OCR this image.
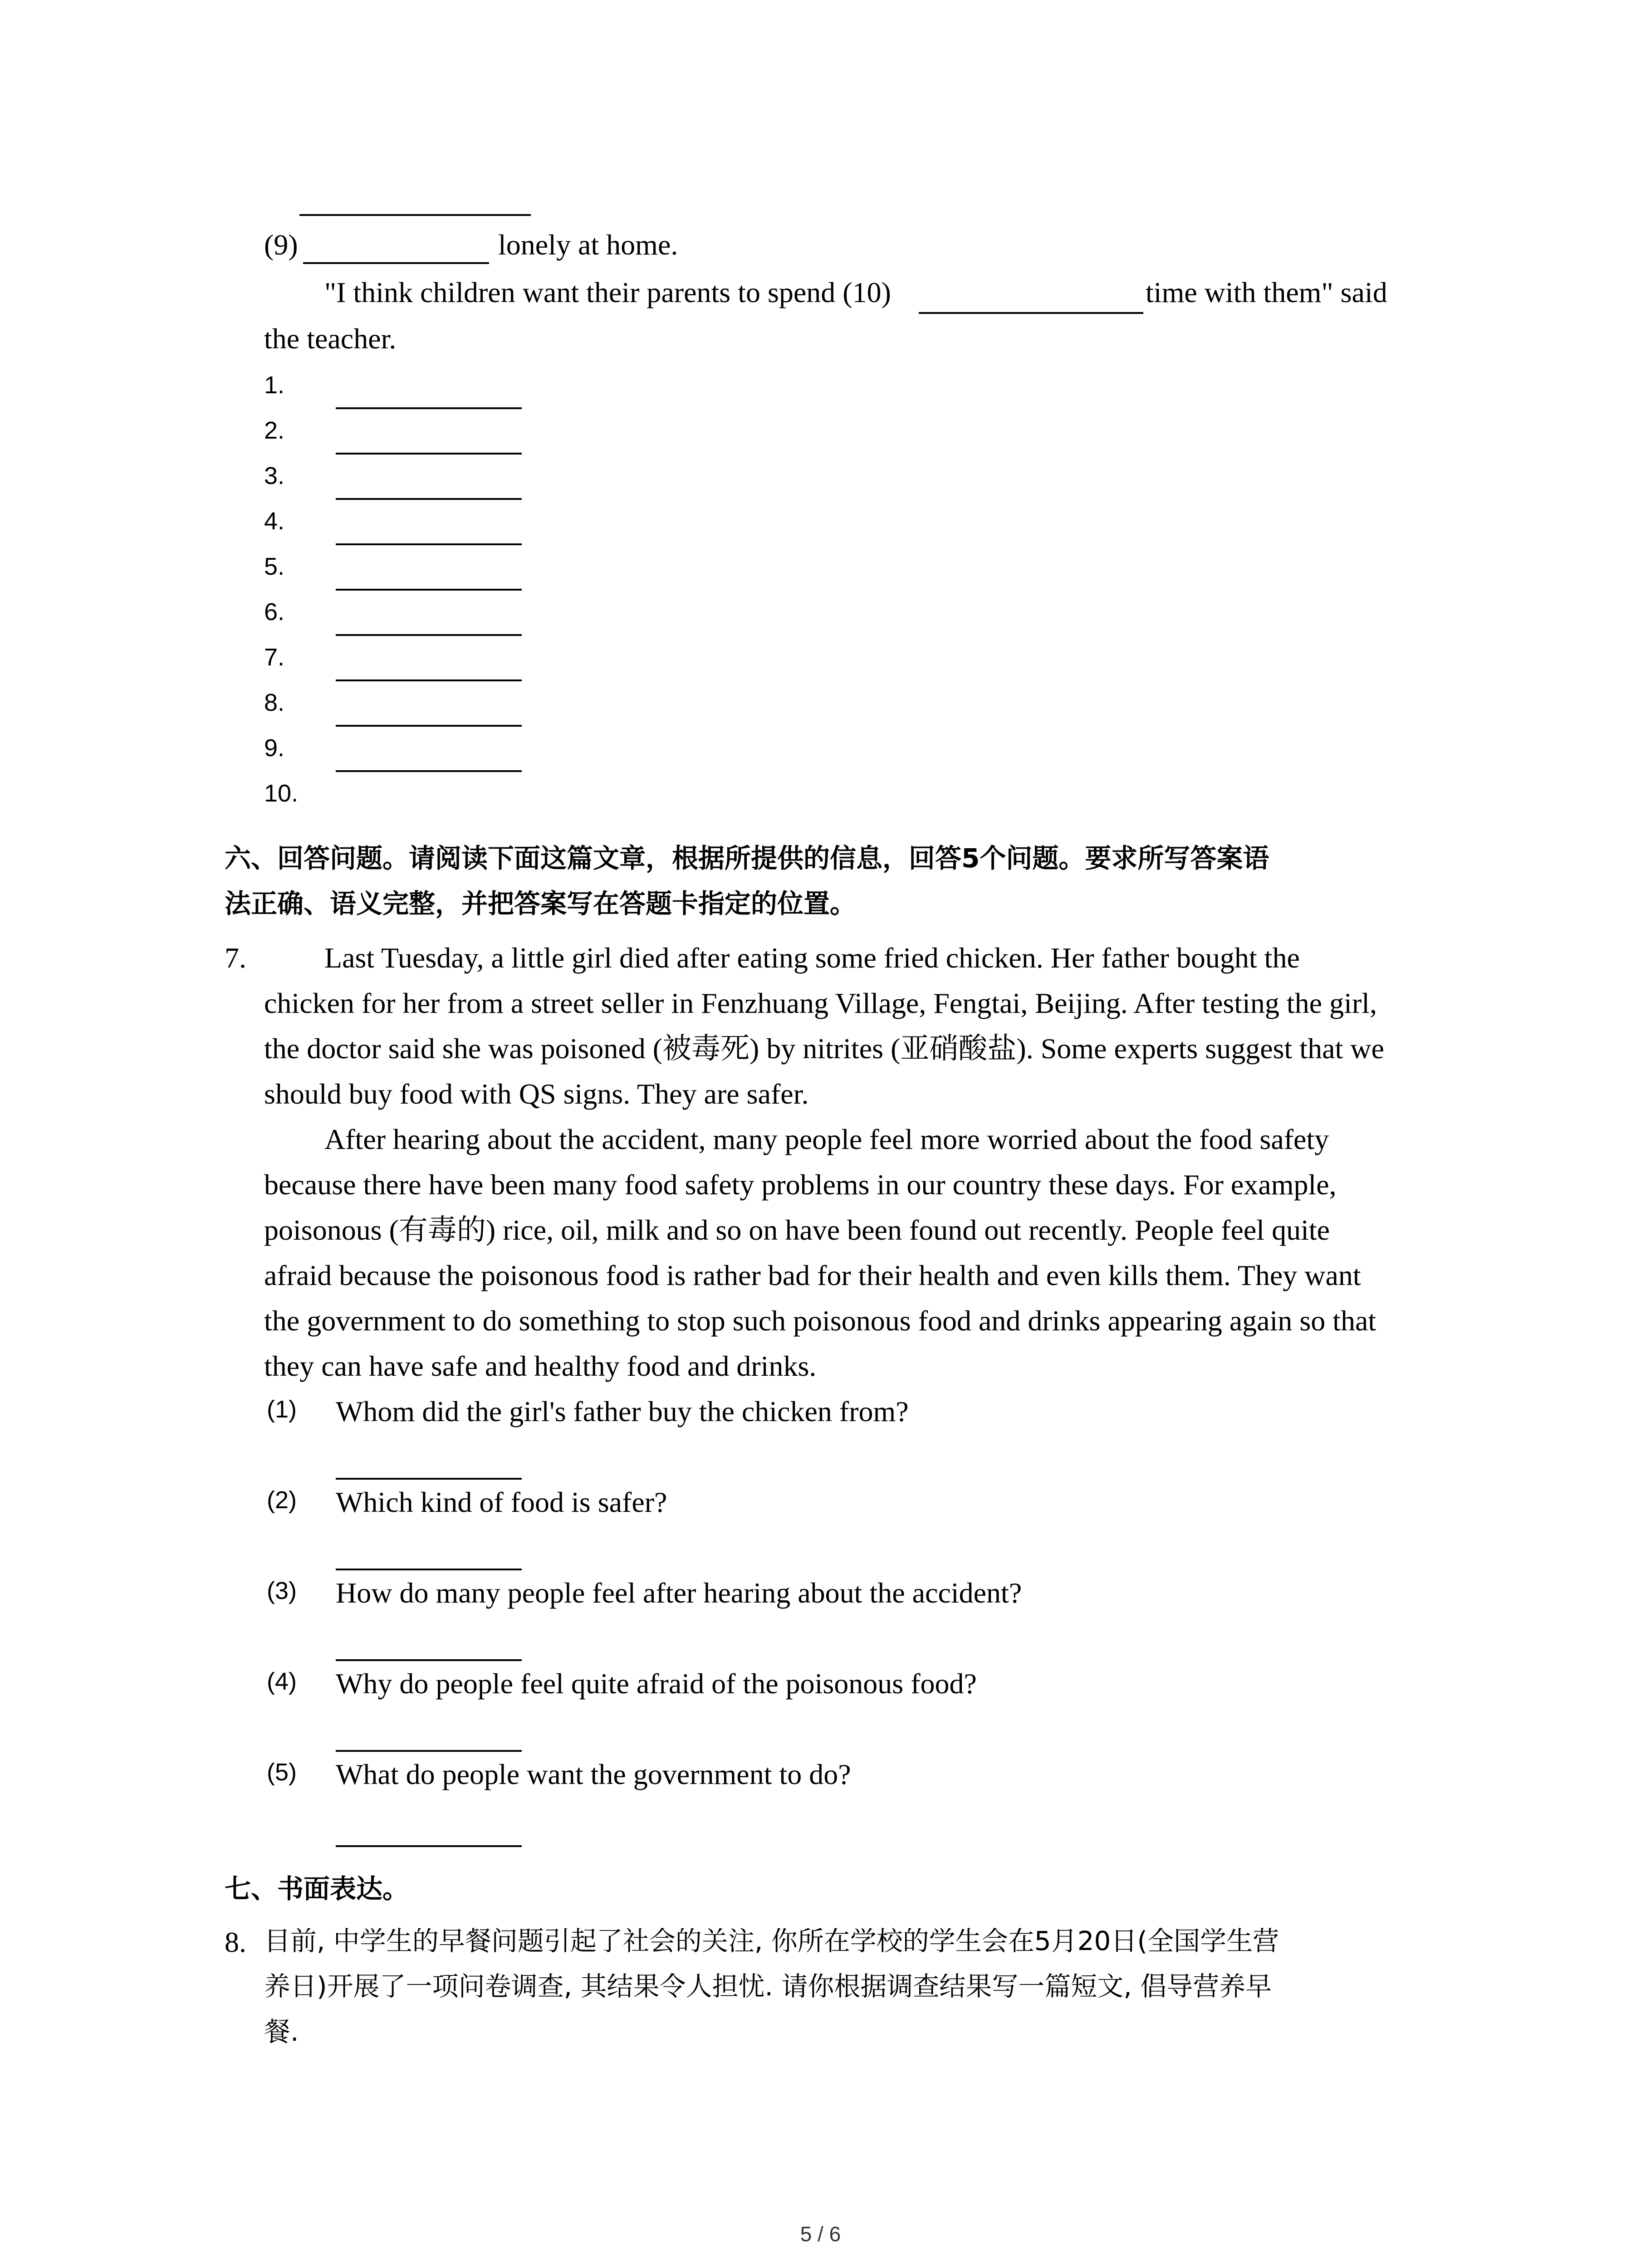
(9)	lonely at home.
"I think children want their parents to spend (10)	time with them" said
the teacher.
1.
2.
3.
4.
5.
6.
7.
8.
9.
10.
六、回答问题。请阅读下面这篇文章，根据所提供的信息，回答5个问题。要求所写答案语
法正确、语义完整，并把答案写在答题卡指定的位置。
7.	Last Tuesday, a little girl died after eating some fried chicken. Her father bought the
chicken for her from a street seller in Fenzhuang Village, Fengtai, Beijing. After testing the girl,
the doctor said she was poisoned (被毒死) by nitrites (亚硝酸盐). Some experts suggest that we
should buy food with QS signs. They are safer.
After hearing about the accident, many people feel more worried about the food safety
because there have been many food safety problems in our country these days. For example,
poisonous (有毒的) rice, oil, milk and so on have been found out recently. People feel quite
afraid because the poisonous food is rather bad for their health and even kills them. They want
the government to do something to stop such poisonous food and drinks appearing again so that
they can have safe and healthy food and drinks.
(1) Whom did the girl's father buy the chicken from?
(2) Which kind of food is safer?
(3) How do many people feel after hearing about the accident?
(4) Why do people feel quite afraid of the poisonous food?
(5) What do people want the government to do?
七、书面表达。
8. 目前, 中学生的早餐问题引起了社会的关注, 你所在学校的学生会在5月20日(全国学生营
养日)开展了一项问卷调查, 其结果令人担忧. 请你根据调查结果写一篇短文, 倡导营养早
餐.
5 / 6
